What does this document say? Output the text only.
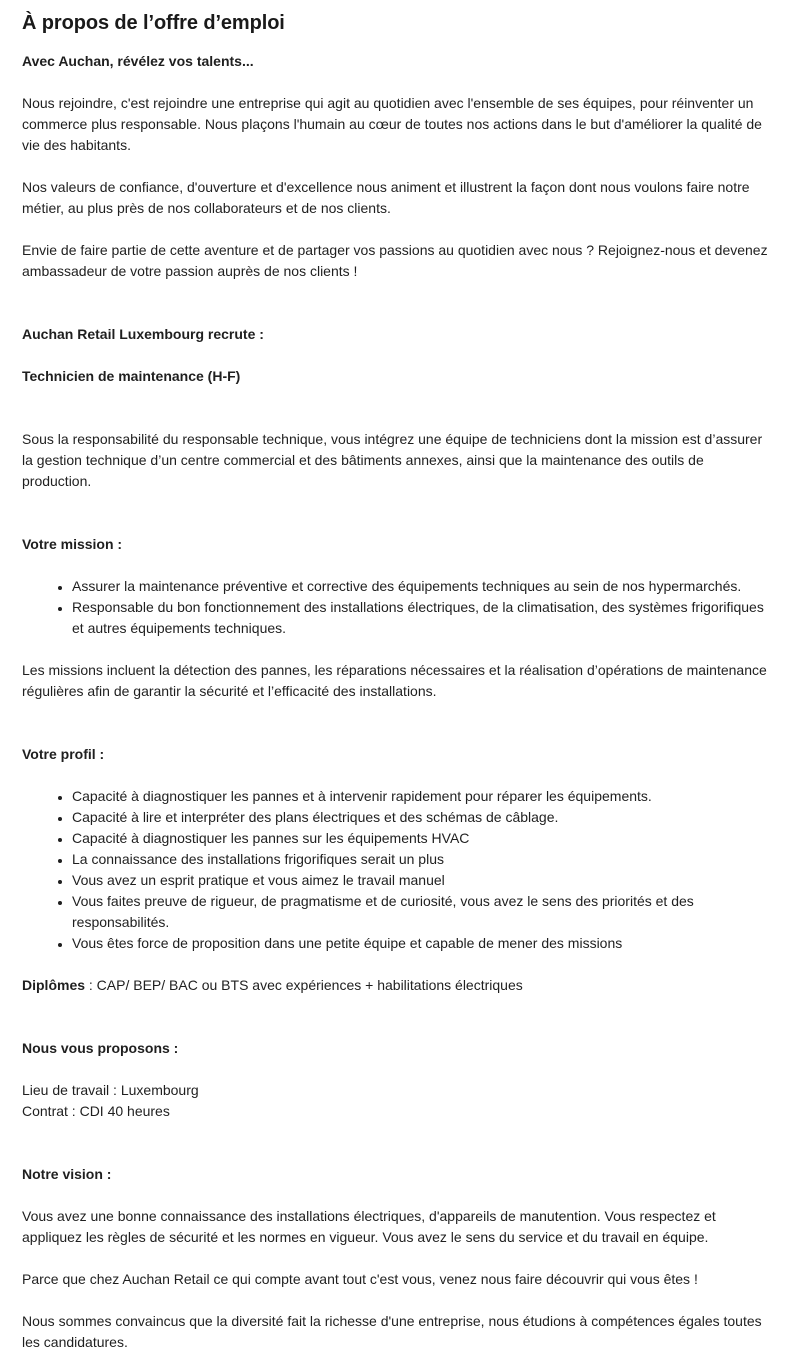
À propos de l’offre d’emploi
Avec Auchan, révélez vos talents...
Nous rejoindre, c'est rejoindre une entreprise qui agit au quotidien avec l'ensemble de ses équipes, pour réinventer un commerce plus responsable. Nous plaçons l'humain au cœur de toutes nos actions dans le but d'améliorer la qualité de vie des habitants.
Nos valeurs de confiance, d'ouverture et d'excellence nous animent et illustrent la façon dont nous voulons faire notre métier, au plus près de nos collaborateurs et de nos clients.
Envie de faire partie de cette aventure et de partager vos passions au quotidien avec nous ? Rejoignez-nous et devenez ambassadeur de votre passion auprès de nos clients !
Auchan Retail Luxembourg recrute :
Technicien de maintenance (H-F)
Sous la responsabilité du responsable technique, vous intégrez une équipe de techniciens dont la mission est d’assurer la gestion technique d’un centre commercial et des bâtiments annexes, ainsi que la maintenance des outils de production.
Votre mission :
• Assurer la maintenance préventive et corrective des équipements techniques au sein de nos hypermarchés.
• Responsable du bon fonctionnement des installations électriques, de la climatisation, des systèmes frigorifiques et autres équipements techniques.
Les missions incluent la détection des pannes, les réparations nécessaires et la réalisation d’opérations de maintenance régulières afin de garantir la sécurité et l’efficacité des installations.
Votre profil :
• Capacité à diagnostiquer les pannes et à intervenir rapidement pour réparer les équipements.
• Capacité à lire et interpréter des plans électriques et des schémas de câblage.
• Capacité à diagnostiquer les pannes sur les équipements HVAC
• La connaissance des installations frigorifiques serait un plus
• Vous avez un esprit pratique et vous aimez le travail manuel
• Vous faites preuve de rigueur, de pragmatisme et de curiosité, vous avez le sens des priorités et des responsabilités.
• Vous êtes force de proposition dans une petite équipe et capable de mener des missions
Diplômes : CAP/ BEP/ BAC ou BTS avec expériences + habilitations électriques
Nous vous proposons :
Lieu de travail : Luxembourg
Contrat : CDI 40 heures
Notre vision :
Vous avez une bonne connaissance des installations électriques, d'appareils de manutention. Vous respectez et appliquez les règles de sécurité et les normes en vigueur. Vous avez le sens du service et du travail en équipe.
Parce que chez Auchan Retail ce qui compte avant tout c'est vous, venez nous faire découvrir qui vous êtes !
Nous sommes convaincus que la diversité fait la richesse d'une entreprise, nous étudions à compétences égales toutes les candidatures.
